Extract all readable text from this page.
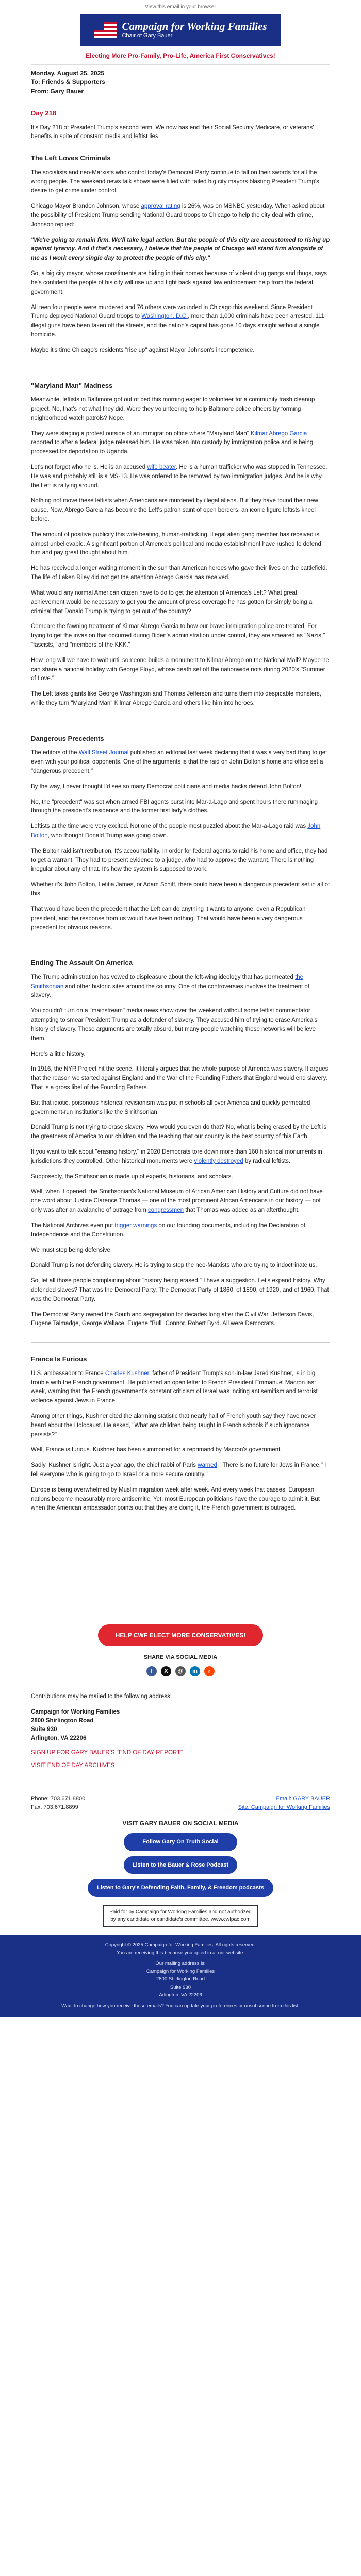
View this email in your browser
Campaign for Working Families
Chair of Gary Bauer
Electing More Pro-Family, Pro-Life, America First Conservatives!
Monday, August 25, 2025
To: Friends & Supporters
From: Gary Bauer
Day 218

It's Day 218 of President Trump's second term. We now has end their Social Security Medicare, or veterans' benefits in spite of constant media and leftist lies.

The Left Loves Criminals

The socialists and neo-Marxists who control today's Democrat Party continue to fall on their swords for all the wrong people. The weekend news talk shows were filled with failed big city mayors blasting President Trump's desire to get crime under control.

Chicago Mayor Brandon Johnson, whose approval rating is 26%, was on MSNBC yesterday. When asked about the possibility of President Trump sending National Guard troops to Chicago to help the city deal with crime, Johnson replied:

"We're going to remain firm. We'll take legal action. But the people of this city are accustomed to rising up against tyranny. And if that's necessary, I believe that the people of Chicago will stand firm alongside of me as I work every single day to protect the people of this city."

So, a big city mayor, whose constituents are hiding in their homes because of violent drug gangs and thugs, says he's confident the people of his city will rise up and fight back against law enforcement help from the federal government.

All teen four people were murdered and 76 others were wounded in Chicago this weekend. Since President Trump deployed National Guard troops to Washington, D.C., more than 1,000 criminals have been arrested, 111 illegal guns have been taken off the streets, and the nation's capital has gone 10 days straight without a single homicide.

Maybe it's time Chicago's residents "rise up" against Mayor Johnson's incompetence.

"Maryland Man" Madness

Meanwhile, leftists in Baltimore got out of bed this morning eager to volunteer for a community trash cleanup project. No, that's not what they did. Were they volunteering to help Baltimore police officers by forming neighborhood watch patrols? Nope.

They were staging a protest outside of an immigration office where "Maryland Man" Kilmar Abrego Garcia reported to after a federal judge released him. He was taken into custody by immigration police and is being processed for deportation to Uganda.

Let's not forget who he is. He is an accused wife beater. He is a human trafficker who was stopped in Tennessee. He was and probably still is a MS-13. He was ordered to be removed by two immigration judges. And he is why the Left is rallying around.

Nothing not move these leftists when Americans are murdered by illegal aliens. But they have found their new cause. Now, Abrego Garcia has become the Left's patron saint of open borders, an iconic figure leftists kneel before.

The amount of positive publicity this wife-beating, human-trafficking, illegal alien gang member has received is almost unbelievable. A significant portion of America's political and media establishment have rushed to defend him and pay great thought about him.

He has received a longer waiting moment in the sun than American heroes who gave their lives on the battlefield. The life of Laken Riley did not get the attention Abrego Garcia has received.

What would any normal American citizen have to do to get the attention of America's Left? What great achievement would be necessary to get you the amount of press coverage he has gotten for simply being a criminal that Donald Trump is trying to get out of the country?

Compare the fawning treatment of Kilmar Abrego Garcia to how our brave immigration police are treated. For trying to get the invasion that occurred during Biden's administration under control, they are smeared as "Nazis," "fascists," and "members of the KKK."

How long will we have to wait until someone builds a monument to Kilmar Abrego on the National Mall? Maybe he can share a national holiday with George Floyd, whose death set off the nationwide riots during 2020's "Summer of Love."

The Left takes giants like George Washington and Thomas Jefferson and turns them into despicable monsters, while they turn "Maryland Man" Kilmar Abrego Garcia and others like him into heroes.

Dangerous Precedents

The editors of the Wall Street Journal published an editorial last week declaring that it was a very bad thing to get even with your political opponents. One of the arguments is that the raid on John Bolton's home and office set a "dangerous precedent."

By the way, I never thought I'd see so many Democrat politicians and media hacks defend John Bolton!

No, the "precedent" was set when armed FBI agents burst into Mar-a-Lago and spent hours there rummaging through the president's residence and the former first lady's clothes.

Leftists at the time were very excited. Not one of the people most puzzled about the Mar-a-Lago raid was John Bolton, who thought Donald Trump was going down.

The Bolton raid isn't retribution. It's accountability. In order for federal agents to raid his home and office, they had to get a warrant. They had to present evidence to a judge, who had to approve the warrant. There is nothing irregular about any of that. It's how the system is supposed to work.

Whether it's John Bolton, Letitia James, or Adam Schiff, there could have been a dangerous precedent set in all of this.

That would have been the precedent that the Left can do anything it wants to anyone, even a Republican president, and the response from us would have been nothing. That would have been a very dangerous precedent for obvious reasons.

Ending The Assault On America

The Trump administration has vowed to displeasure about the left-wing ideology that has permeated the Smithsonian and other historic sites around the country. One of the controversies involves the treatment of slavery.

You couldn't turn on a "mainstream" media news show over the weekend without some leftist commentator attempting to smear President Trump as a defender of slavery. They accused him of trying to erase America's history of slavery. These arguments are totally absurd, but many people watching these networks will believe them.

Here's a little history.

In 1916, the NYR Project hit the scene. It literally argues that the whole purpose of America was slavery. It argues that the reason we started against England and the War of the Founding Fathers that England would end slavery. That is a gross libel of the Founding Fathers.

But that idiotic, poisonous historical revisionism was put in schools all over America and quickly permeated government-run institutions like the Smithsonian.

Donald Trump is not trying to erase slavery. How would you even do that? No, what is being erased by the Left is the greatness of America to our children and the teaching that our country is the best country of this Earth.

If you want to talk about "erasing history," in 2020 Democrats tore down more than 160 historical monuments in jurisdictions they controlled. Other historical monuments were violently destroyed by radical leftists.

Supposedly, the Smithsonian is made up of experts, historians, and scholars.

Well, when it opened, the Smithsonian's National Museum of African American History and Culture did not have one word about Justice Clarence Thomas — one of the most prominent African Americans in our history — not only was after an avalanche of outrage from congressmen that Thomas was added as an afterthought.

The National Archives even put trigger warnings on our founding documents, including the Declaration of Independence and the Constitution.

We must stop being defensive!

Donald Trump is not defending slavery. He is trying to stop the neo-Marxists who are trying to indoctrinate us.

So, let all those people complaining about "history being erased," I have a suggestion. Let's expand history. Why defended slaves? That was the Democrat Party. The Democrat Party of 1860, of 1890, of 1920, and of 1960. That was the Democrat Party.

The Democrat Party owned the South and segregation for decades long after the Civil War. Jefferson Davis, Eugene Talmadge, George Wallace, Eugene "Bull" Connor. Robert Byrd. All were Democrats.

France Is Furious

U.S. ambassador to France Charles Kushner, father of President Trump's son-in-law Jared Kushner, is in big trouble with the French government. He published an open letter to French President Emmanuel Macron last week, warning that the French government's constant criticism of Israel was inciting antisemitism and terrorist violence against Jews in France.

Among other things, Kushner cited the alarming statistic that nearly half of French youth say they have never heard about the Holocaust. He asked, "What are children being taught in French schools if such ignorance persists?"

Well, France is furious. Kushner has been summoned for a reprimand by Macron's government.

Sadly, Kushner is right. Just a year ago, the chief rabbi of Paris warned, "There is no future for Jews in France." I fell everyone who is going to go to Israel or a more secure country."

Europe is being overwhelmed by Muslim migration week after week. And every week that passes, European nations become measurably more antisemitic. Yet, most European politicians have the courage to admit it. But when the American ambassador points out that they are doing it, the French government is outraged.

HELP CWF ELECT MORE CONSERVATIVES!
SHARE VIA SOCIAL MEDIA
f	X	@	in	r

Contributions may be mailed to the following address:

Campaign for Working Families
2800 Shirlington Road
Suite 930
Arlington, VA 22206
SIGN UP FOR GARY BAUER'S "END OF DAY REPORT"
VISIT END OF DAY ARCHIVES
Phone: 703.671.8800
Fax: 703.671.8899
Email: GARY BAUER
Site: Campaign for Working Families
VISIT GARY BAUER ON SOCIAL MEDIA
Follow Gary On Truth Social
Listen to the Bauer & Rose Podcast
Listen to Gary's Defending Faith, Family, & Freedom podcasts
Paid for by Campaign for Working Families and not authorized by any candidate or candidate's committee. www.cwfpac.com
Copyright © 2025 Campaign for Working Families, All rights reserved.
You are receiving this because you opted in at our website.
Our mailing address is:
Campaign for Working Families
2800 Shirlington Road
Suite 930
Arlington, VA 22206
Want to change how you receive these emails? You can update your preferences or unsubscribe from this list.
